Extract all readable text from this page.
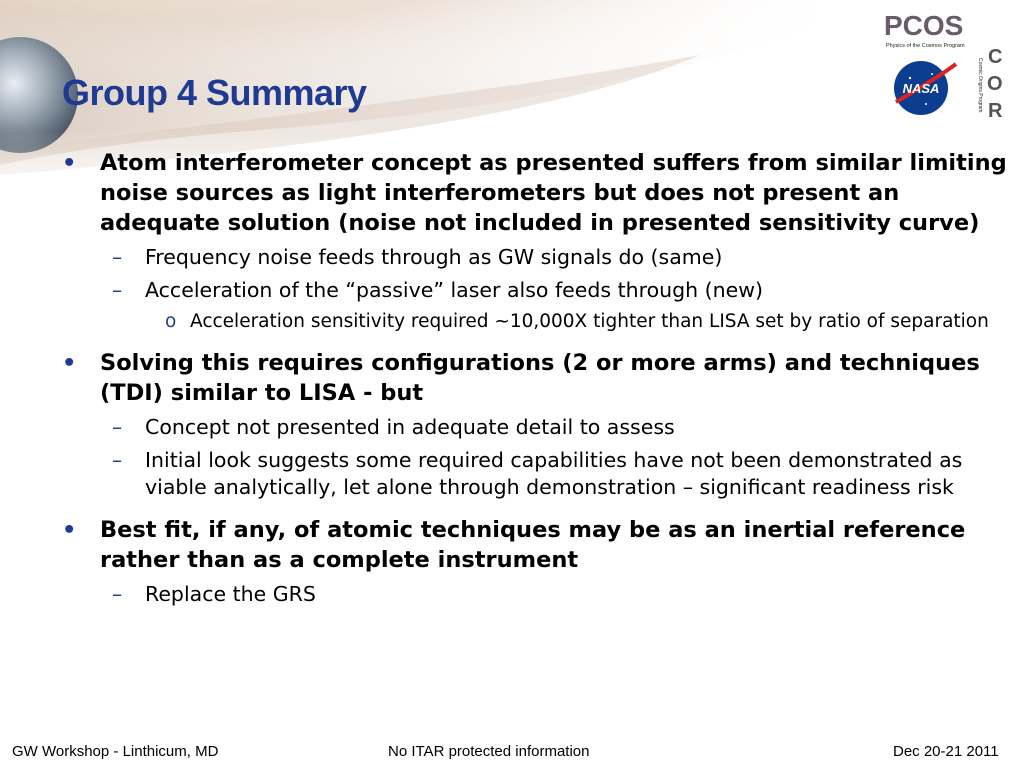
PCOS
Physics of the Cosmos Program C
O
R
Cosmic Origins Program
NASA
Group 4 Summary
• Atom interferometer concept as presented suffers from similar limiting noise sources as light interferometers but does not present an adequate solution (noise not included in presented sensitivity curve)
– Frequency noise feeds through as GW signals do (same)
– Acceleration of the “passive” laser also feeds through (new)
o Acceleration sensitivity required ~10,000X tighter than LISA set by ratio of separation
• Solving this requires configurations (2 or more arms) and techniques (TDI) similar to LISA - but
– Concept not presented in adequate detail to assess
– Initial look suggests some required capabilities have not been demonstrated as viable analytically, let alone through demonstration – significant readiness risk
• Best fit, if any, of atomic techniques may be as an inertial reference rather than as a complete instrument
– Replace the GRS
GW Workshop - Linthicum, MD	No ITAR protected information	Dec 20-21 2011
